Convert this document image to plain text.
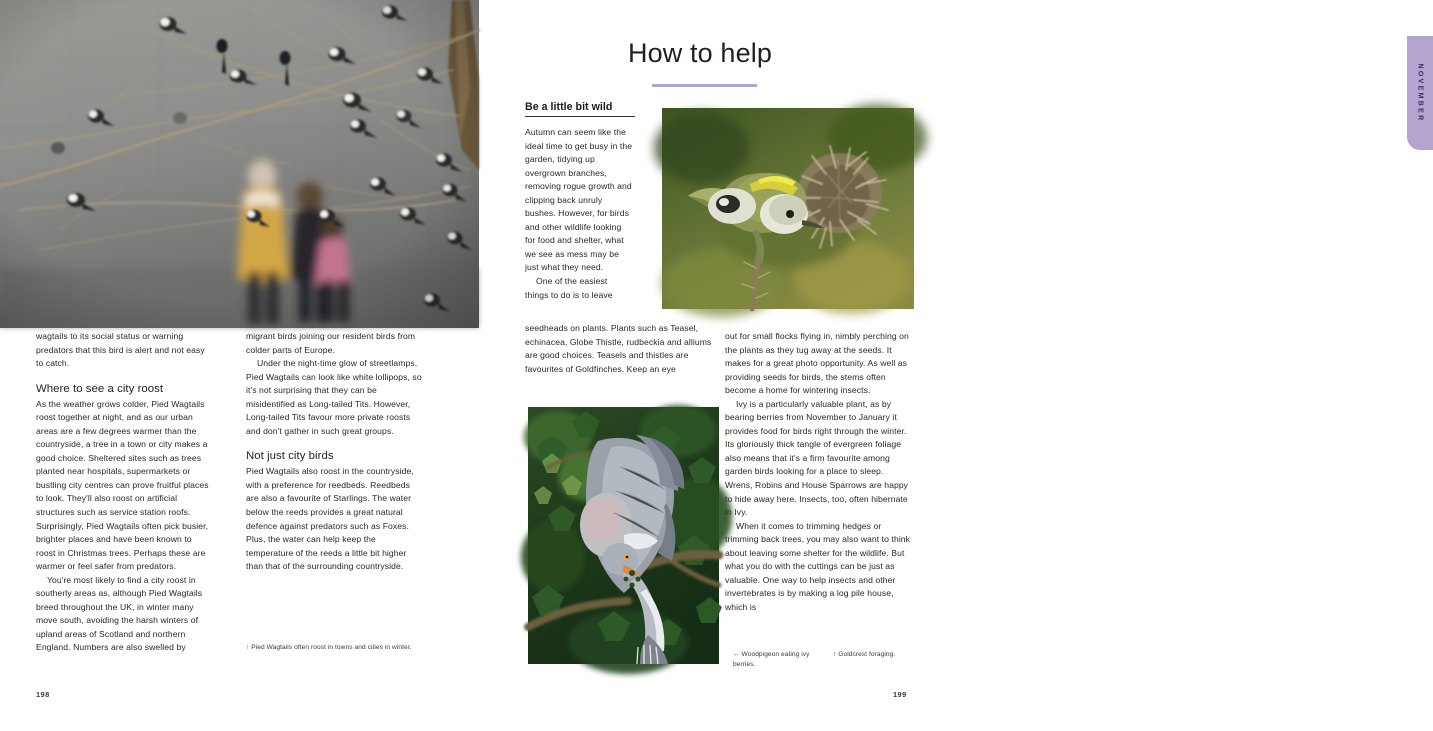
wagtails to its social status or warning predators that this bird is alert and not easy to catch.

Where to see a city roost

As the weather grows colder, Pied Wagtails roost together at night, and as our urban areas are a few degrees warmer than the countryside, a tree in a town or city makes a good choice. Sheltered sites such as trees planted near hospitals, supermarkets or bustling city centres can prove fruitful places to look. They'll also roost on artificial structures such as service station roofs. Surprisingly, Pied Wagtails often pick busier, brighter places and have been known to roost in Christmas trees. Perhaps these are warmer or feel safer from predators.

You're most likely to find a city roost in southerly areas as, although Pied Wagtails breed throughout the UK, in winter many move south, avoiding the harsh winters of upland areas of Scotland and northern England. Numbers are also swelled by

migrant birds joining our resident birds from colder parts of Europe.

Under the night-time glow of streetlamps, Pied Wagtails can look like white lollipops, so it's not surprising that they can be misidentified as Long-tailed Tits. However, Long-tailed Tits favour more private roosts and don't gather in such great groups.

Not just city birds

Pied Wagtails also roost in the countryside, with a preference for reedbeds. Reedbeds are also a favourite of Starlings. The water below the reeds provides a great natural defence against predators such as Foxes. Plus, the water can help keep the temperature of the reeds a little bit higher than that of the surrounding countryside.

↑ Pied Wagtails often roost in towns and cities in winter.
198
How to help
Be a little bit wild

Autumn can seem like the ideal time to get busy in the garden, tidying up overgrown branches, removing rogue growth and clipping back unruly bushes. However, for birds and other wildlife looking for food and shelter, what we see as mess may be just what they need.

One of the easiest things to do is to leave

seedheads on plants. Plants such as Teasel, echinacea, Globe Thistle, rudbeckia and alliums are good choices. Teasels and thistles are favourites of Goldfinches. Keep an eye

out for small flocks flying in, nimbly perching on the plants as they tug away at the seeds. It makes for a great photo opportunity. As well as providing seeds for birds, the stems often become a home for wintering insects.

Ivy is a particularly valuable plant, as by bearing berries from November to January it provides food for birds right through the winter. Its gloriously thick tangle of evergreen foliage also means that it's a firm favourite among garden birds looking for a place to sleep. Wrens, Robins and House Sparrows are happy to hide away here. Insects, too, often hibernate in Ivy.

When it comes to trimming hedges or trimming back trees, you may also want to think about leaving some shelter for the wildlife. But what you do with the cuttings can be just as valuable. One way to help insects and other invertebrates is by making a log pile house, which is

NOVEMBER
← Woodpigeon eating ivy berries.
↑ Goldcrest foraging.
199
